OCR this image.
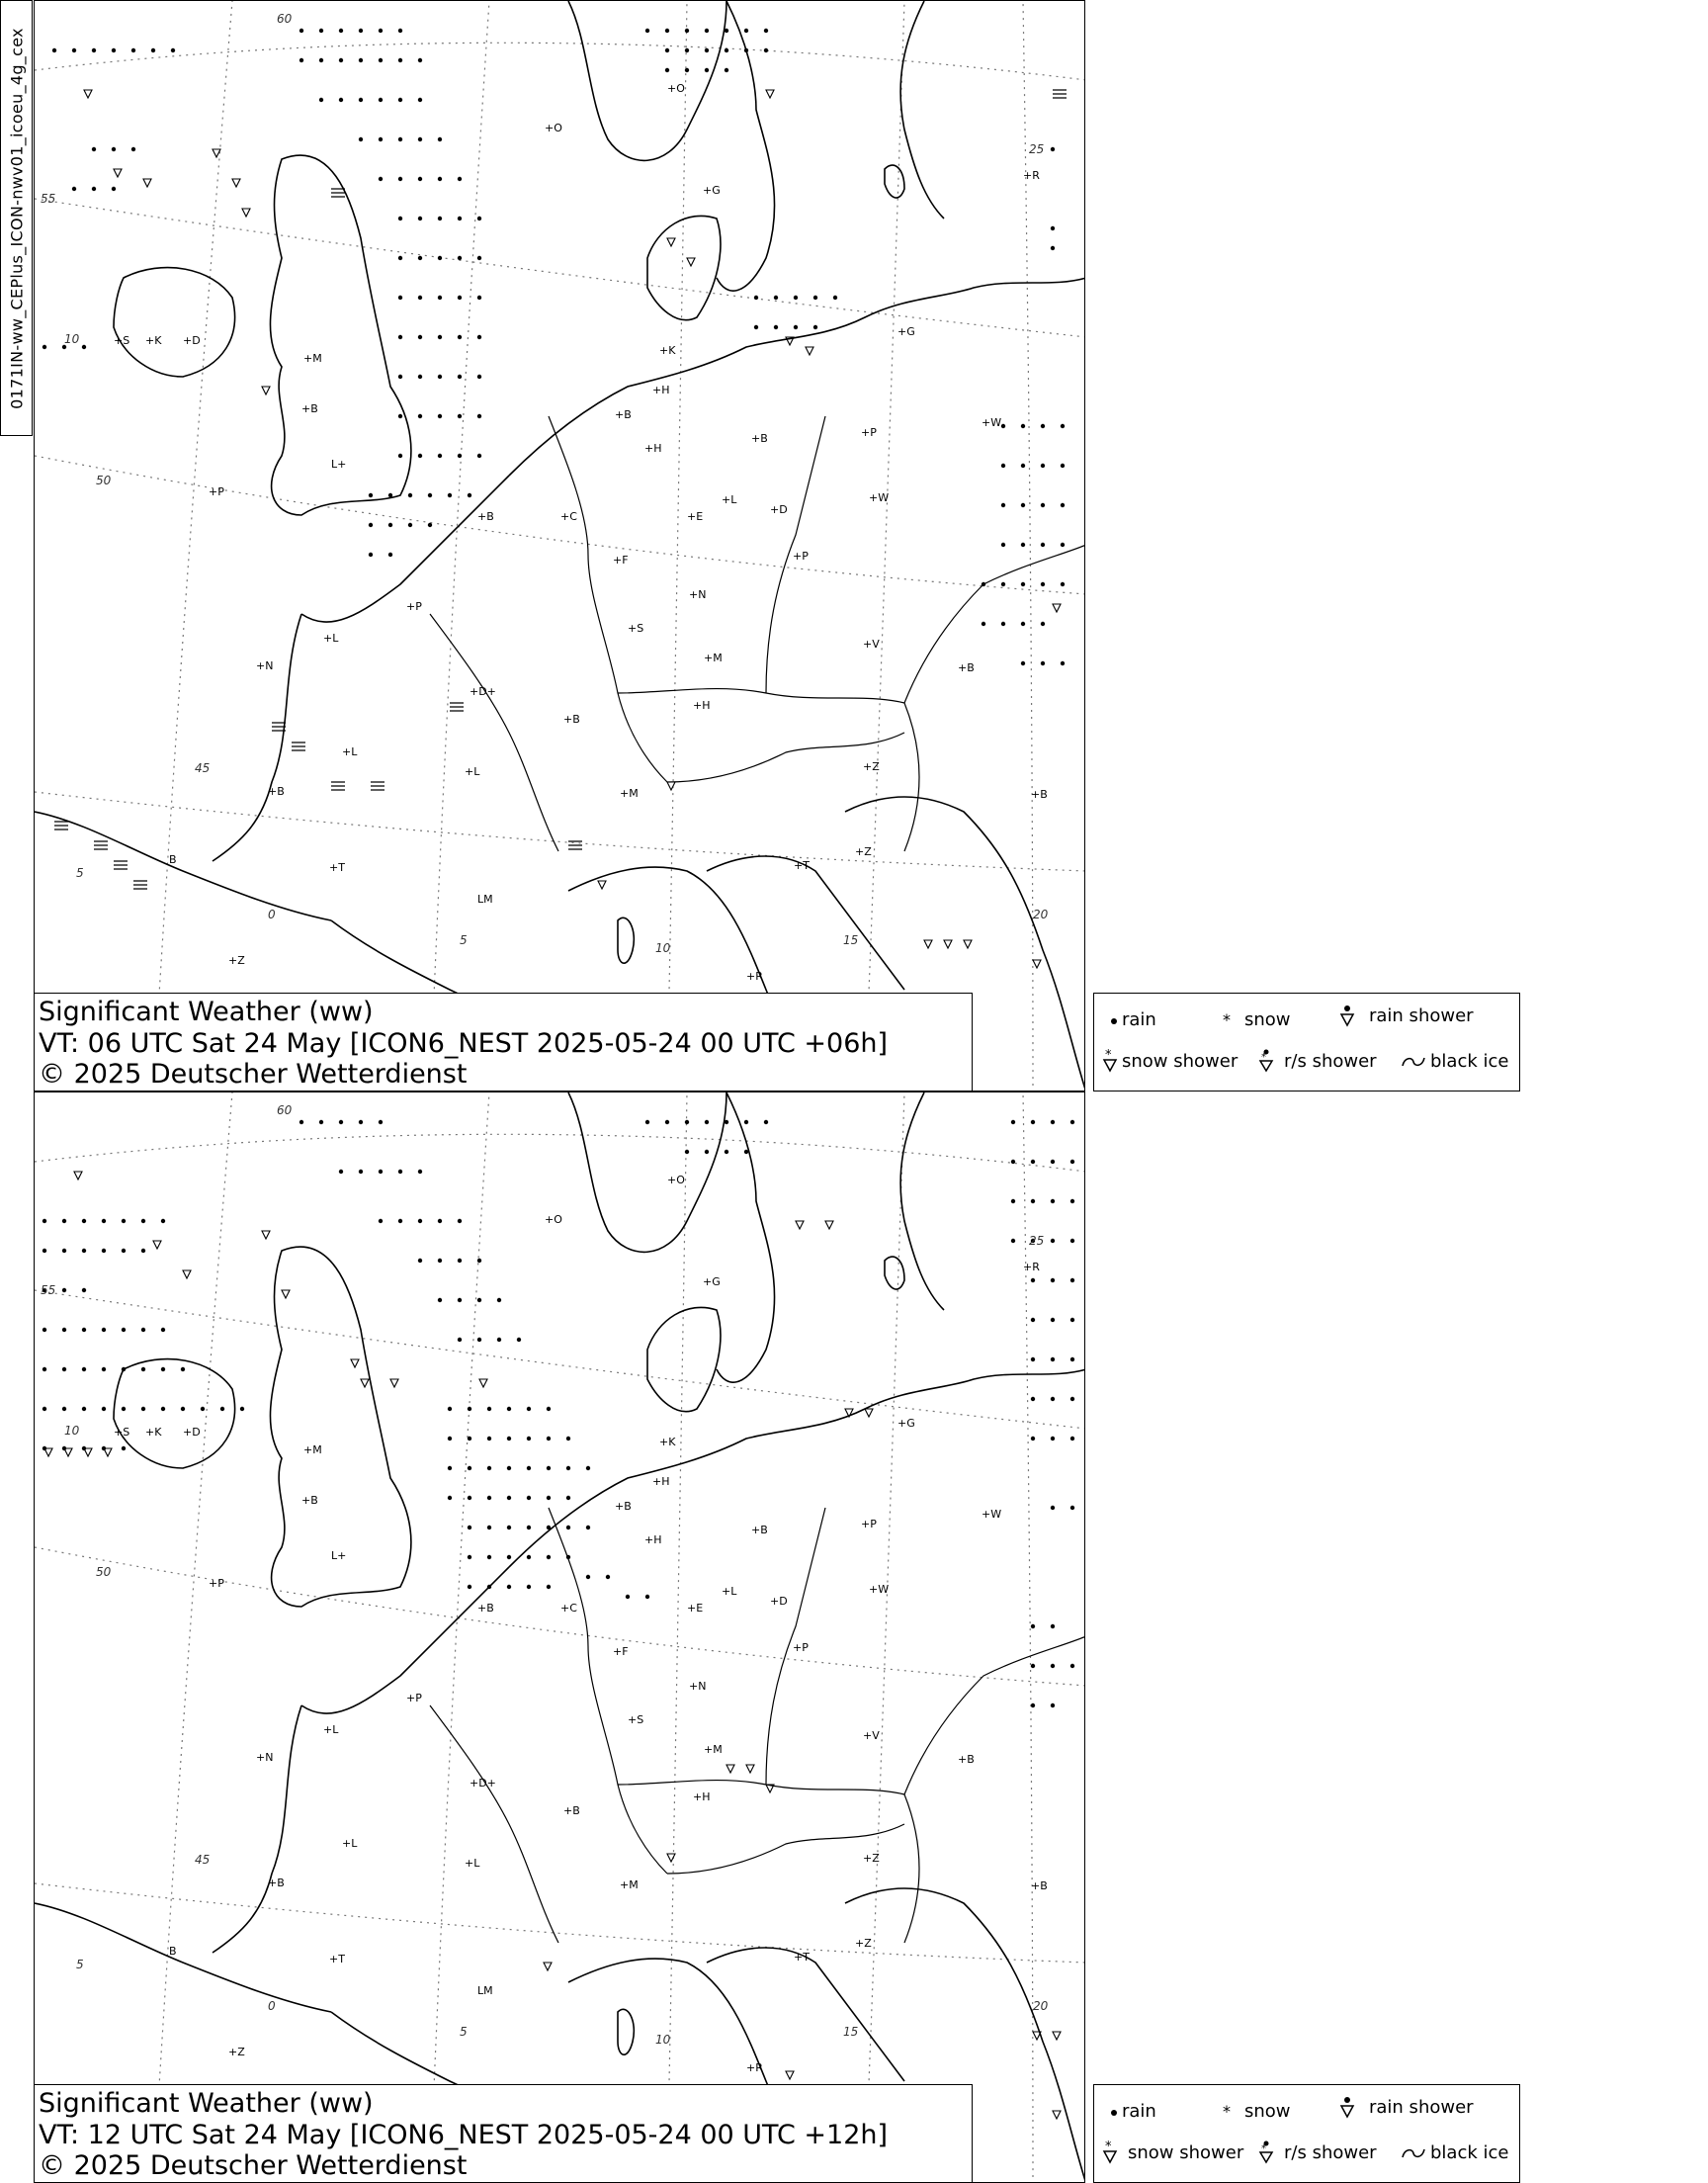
0171IN-ww_CEPlus_ICON-nwv01_icoeu_4g_cex
60
55
50
45
0
5
10
15
20
25
5
10
+H
+B
+H
+B
+L
+D
+P
+W
+W
+P
+C	+E
+F
+N
+S
+M
+V
+B
+P
+N
+L
+B
+L
+B
+T
+M
+L	+Z
+Z
+B
+T
+R
+M
+B
+P
+K
+G
+O
+R
+O
+B
+D+
L+
LM
+Z
+G
B
+H
+K
+S	+D
Significant Weather (ww)
VT: 06 UTC Sat 24 May [ICON6_NEST 2025-05-24 00 UTC +06h]
© 2025 Deutscher Wetterdienst
rain	* snow	rain shower
* snow shower * r/s shower	black ice
60
55
50
45
0
5
10
15
20
25
5
10
+H
+B
+H
+B
+L
+D
+P
+W
+W
+P
+C	+E
+F
+N
+S
+M
+V
+B
+P
+N
+L
+B
+L
+B
+T
+M
+L	+Z
+Z
+B
+T
+R
+M
+B
+P
+K
+G
+O
+R
+O
+B
+D+
L+
LM
+Z
+G
B
+H
+K
+S	+D
Significant Weather (ww)
VT: 12 UTC Sat 24 May [ICON6_NEST 2025-05-24 00 UTC +12h]
© 2025 Deutscher Wetterdienst
rain	* snow	rain shower
* snow shower * r/s shower	black ice
